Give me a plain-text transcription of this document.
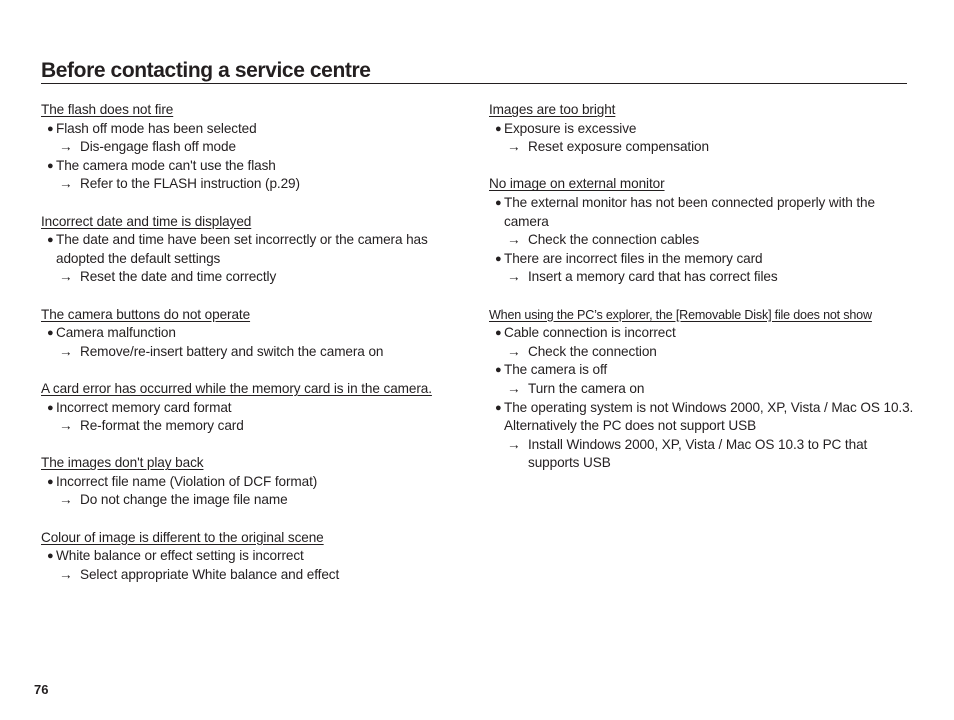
Before contacting a service centre
The flash does not fire
● Flash off mode has been selected
→ Dis-engage flash off mode
● The camera mode can't use the flash
→ Refer to the FLASH instruction (p.29)
Incorrect date and time is displayed
● The date and time have been set incorrectly or the camera has adopted the default settings
→ Reset the date and time correctly
The camera buttons do not operate
● Camera malfunction
→ Remove/re-insert battery and switch the camera on
A card error has occurred while the memory card is in the camera.
● Incorrect memory card format
→ Re-format the memory card
The images don't play back
● Incorrect file name (Violation of DCF format)
→ Do not change the image file name
Colour of image is different to the original scene
● White balance or effect setting is incorrect
→ Select appropriate White balance and effect
Images are too bright
● Exposure is excessive
→ Reset exposure compensation
No image on external monitor
● The external monitor has not been connected properly with the camera
→ Check the connection cables
● There are incorrect files in the memory card
→ Insert a memory card that has correct files
When using the PC’s explorer, the [Removable Disk] file does not show
● Cable connection is incorrect
→ Check the connection
● The camera is off
→ Turn the camera on
● The operating system is not Windows 2000, XP, Vista / Mac OS 10.3. Alternatively the PC does not support USB
→ Install Windows 2000, XP, Vista / Mac OS 10.3 to PC that supports USB
76
